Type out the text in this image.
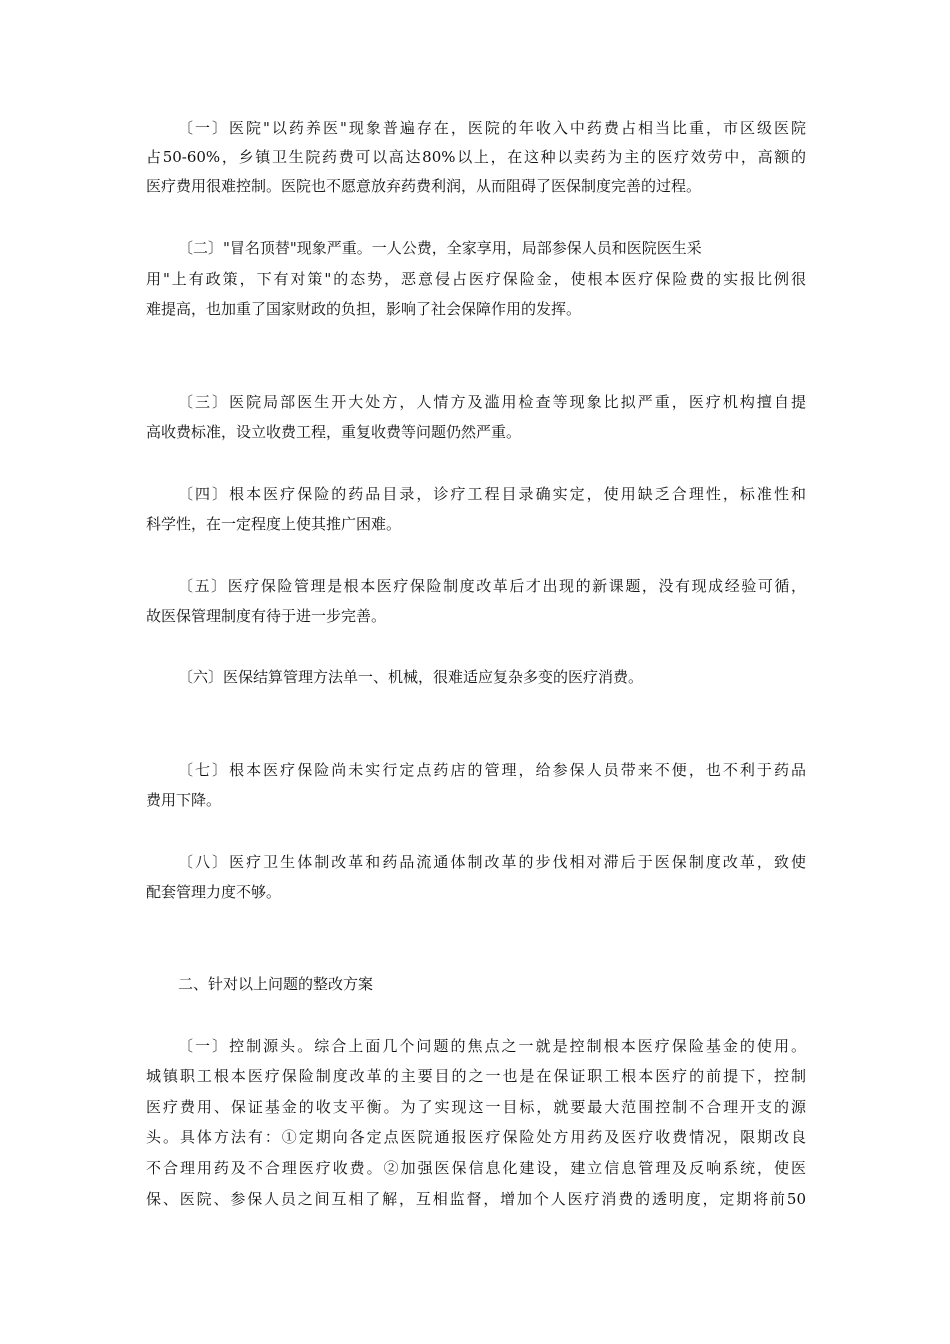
〔一〕医院"以药养医"现象普遍存在，医院的年收入中药费占相当比重，市区级医院
占50-60%，乡镇卫生院药费可以高达80%以上，在这种以卖药为主的医疗效劳中，高额的
医疗费用很难控制。医院也不愿意放弃药费利润，从而阻碍了医保制度完善的过程。
〔二〕"冒名顶替"现象严重。一人公费，全家享用，局部参保人员和医院医生采
用"上有政策，下有对策"的态势，恶意侵占医疗保险金，使根本医疗保险费的实报比例很
难提高，也加重了国家财政的负担，影响了社会保障作用的发挥。
〔三〕医院局部医生开大处方，人情方及滥用检查等现象比拟严重，医疗机构擅自提
高收费标准，设立收费工程，重复收费等问题仍然严重。
〔四〕根本医疗保险的药品目录，诊疗工程目录确实定，使用缺乏合理性，标准性和
科学性，在一定程度上使其推广困难。
〔五〕医疗保险管理是根本医疗保险制度改革后才出现的新课题，没有现成经验可循，
故医保管理制度有待于进一步完善。
〔六〕医保结算管理方法单一、机械，很难适应复杂多变的医疗消费。
〔七〕根本医疗保险尚未实行定点药店的管理，给参保人员带来不便，也不利于药品
费用下降。
〔八〕医疗卫生体制改革和药品流通体制改革的步伐相对滞后于医保制度改革，致使
配套管理力度不够。
二、针对以上问题的整改方案
〔一〕控制源头。综合上面几个问题的焦点之一就是控制根本医疗保险基金的使用。
城镇职工根本医疗保险制度改革的主要目的之一也是在保证职工根本医疗的前提下，控制
医疗费用、保证基金的收支平衡。为了实现这一目标，就要最大范围控制不合理开支的源
头。具体方法有：①定期向各定点医院通报医疗保险处方用药及医疗收费情况，限期改良
不合理用药及不合理医疗收费。②加强医保信息化建设，建立信息管理及反响系统，使医
保、医院、参保人员之间互相了解，互相监督，增加个人医疗消费的透明度，定期将前50
